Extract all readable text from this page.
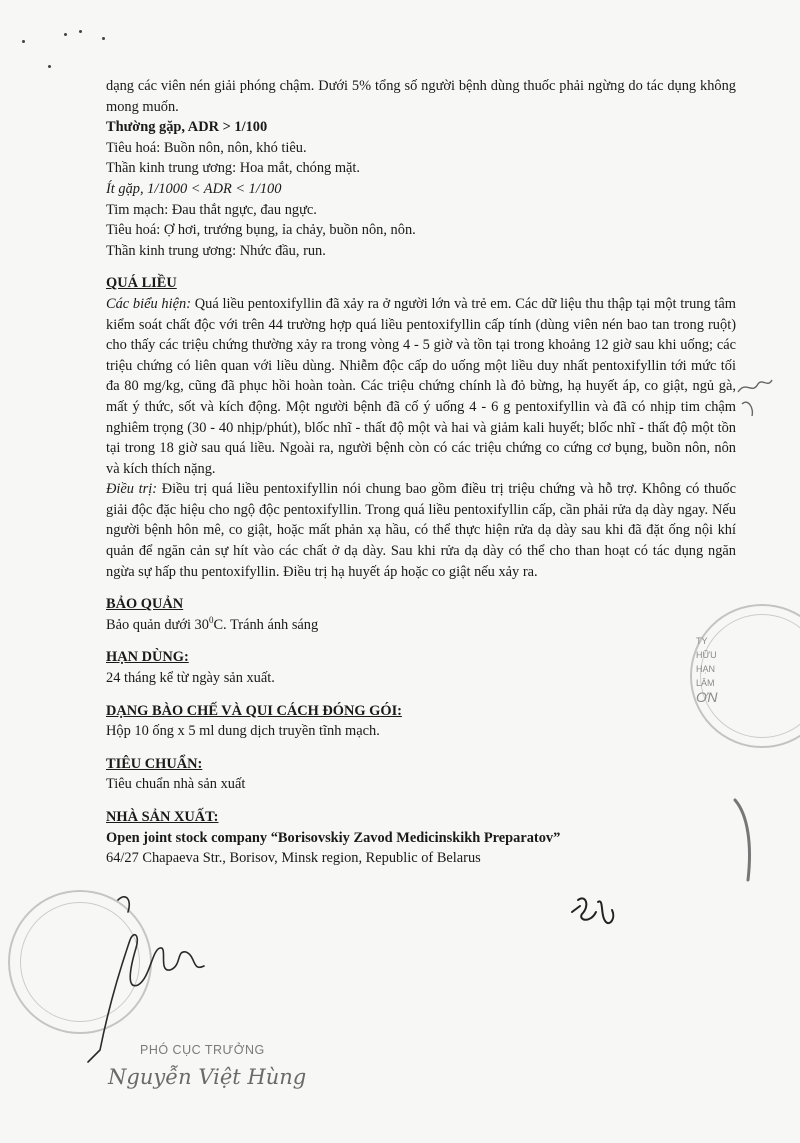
dạng các viên nén giải phóng chậm. Dưới 5% tổng số người bệnh dùng thuốc phải ngừng do tác dụng không mong muốn.

Thường gặp, ADR > 1/100

Tiêu hoá: Buồn nôn, nôn, khó tiêu.

Thần kinh trung ương: Hoa mắt, chóng mặt.

Ít gặp, 1/1000 < ADR < 1/100

Tim mạch: Đau thắt ngực, đau ngực.

Tiêu hoá: Ợ hơi, trướng bụng, ỉa chảy, buồn nôn, nôn.

Thần kinh trung ương: Nhức đầu, run.

QUÁ LIỀU

Các biểu hiện: Quá liều pentoxifyllin đã xảy ra ở người lớn và trẻ em. Các dữ liệu thu thập tại một trung tâm kiểm soát chất độc với trên 44 trường hợp quá liều pentoxifyllin cấp tính (dùng viên nén bao tan trong ruột) cho thấy các triệu chứng thường xảy ra trong vòng 4 - 5 giờ và tồn tại trong khoảng 12 giờ sau khi uống; các triệu chứng có liên quan với liều dùng. Nhiễm độc cấp do uống một liều duy nhất pentoxifyllin tới mức tối đa 80 mg/kg, cũng đã phục hồi hoàn toàn. Các triệu chứng chính là đỏ bừng, hạ huyết áp, co giật, ngủ gà, mất ý thức, sốt và kích động. Một người bệnh đã cố ý uống 4 - 6 g pentoxifyllin và đã có nhịp tim chậm nghiêm trọng (30 - 40 nhịp/phút), blốc nhĩ - thất độ một và hai và giảm kali huyết; blốc nhĩ - thất độ một tồn tại trong 18 giờ sau quá liều. Ngoài ra, người bệnh còn có các triệu chứng co cứng cơ bụng, buồn nôn, nôn và kích thích nặng.

Điều trị: Điều trị quá liều pentoxifyllin nói chung bao gồm điều trị triệu chứng và hỗ trợ. Không có thuốc giải độc đặc hiệu cho ngộ độc pentoxifyllin. Trong quá liều pentoxifyllin cấp, cần phải rửa dạ dày ngay. Nếu người bệnh hôn mê, co giật, hoặc mất phản xạ hầu, có thể thực hiện rửa dạ dày sau khi đã đặt ống nội khí quản để ngăn cản sự hít vào các chất ở dạ dày. Sau khi rửa dạ dày có thể cho than hoạt có tác dụng ngăn ngừa sự hấp thu pentoxifyllin. Điều trị hạ huyết áp hoặc co giật nếu xảy ra.

BẢO QUẢN

Bảo quản dưới $30^0C$. Tránh ánh sáng

HẠN DÙNG:

24 tháng kể từ ngày sản xuất.

DẠNG BÀO CHẾ VÀ QUI CÁCH ĐÓNG GÓI:

Hộp 10 ống x 5 ml dung dịch truyền tĩnh mạch.

TIÊU CHUẨN:

Tiêu chuẩn nhà sản xuất

NHÀ SẢN XUẤT:

Open joint stock company “Borisovskiy Zavod Medicinskikh Preparatov”

64/27 Chapaeva Str., Borisov, Minsk region, Republic of Belarus

TY
HỮU HẠN
LÂM
ƠN
PHÓ CỤC TRƯỞNG
Nguyễn Việt Hùng
